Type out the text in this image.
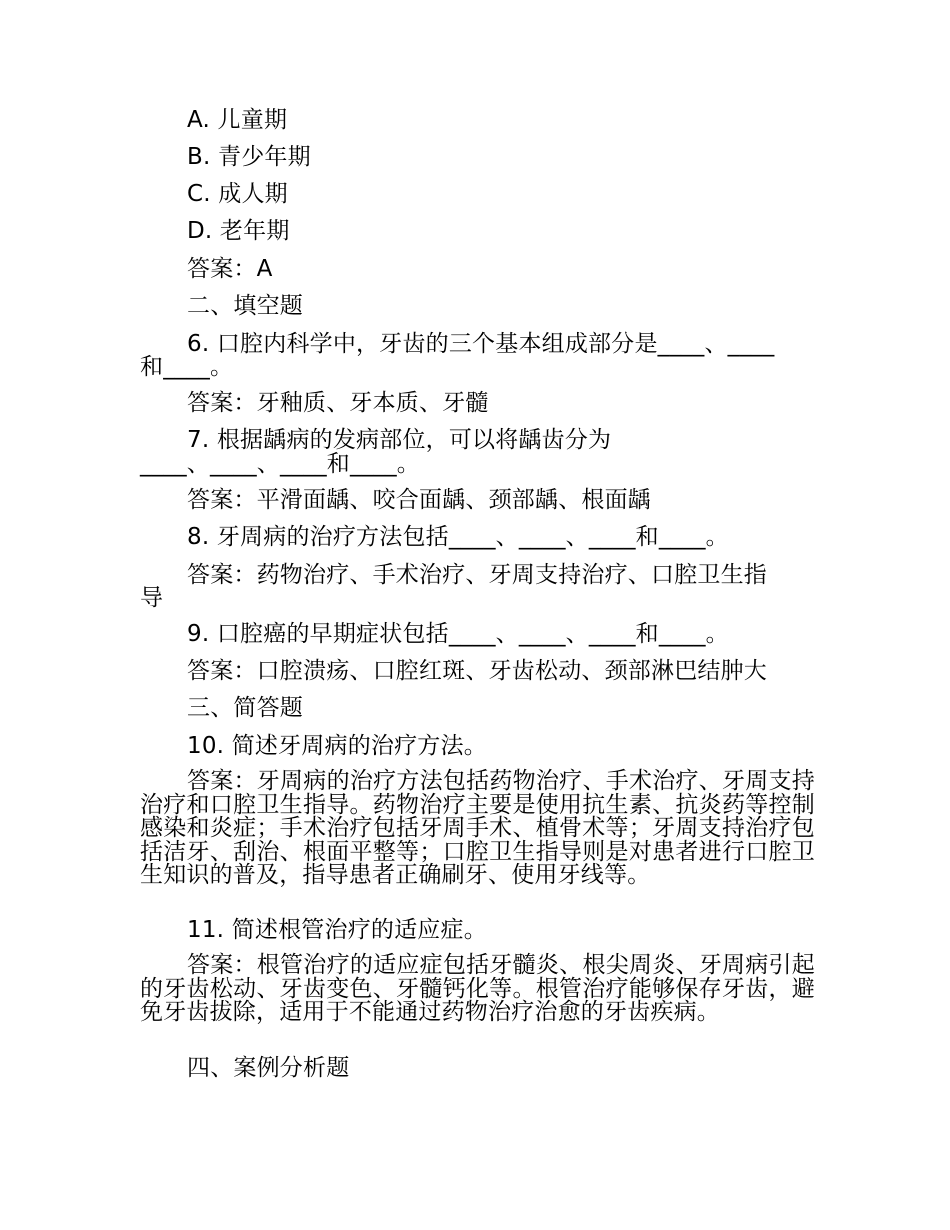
A. 儿童期
B. 青少年期
C. 成人期
D. 老年期
答案：A
二、填空题
6. 口腔内科学中，牙齿的三个基本组成部分是____、____
和____。
答案：牙釉质、牙本质、牙髓
7. 根据龋病的发病部位，可以将龋齿分为
____、____、____和____。
答案：平滑面龋、咬合面龋、颈部龋、根面龋
8. 牙周病的治疗方法包括____、____、____和____。
答案：药物治疗、手术治疗、牙周支持治疗、口腔卫生指
导
9. 口腔癌的早期症状包括____、____、____和____。
答案：口腔溃疡、口腔红斑、牙齿松动、颈部淋巴结肿大
三、简答题
10. 简述牙周病的治疗方法。
答案：牙周病的治疗方法包括药物治疗、手术治疗、牙周支持治疗和口腔卫生指导。药物治疗主要是使用抗生素、抗炎药等控制感染和炎症；手术治疗包括牙周手术、植骨术等；牙周支持治疗包括洁牙、刮治、根面平整等；口腔卫生指导则是对患者进行口腔卫生知识的普及，指导患者正确刷牙、使用牙线等。
11. 简述根管治疗的适应症。
答案：根管治疗的适应症包括牙髓炎、根尖周炎、牙周病引起的牙齿松动、牙齿变色、牙髓钙化等。根管治疗能够保存牙齿，避免牙齿拔除，适用于不能通过药物治疗治愈的牙齿疾病。
四、案例分析题
